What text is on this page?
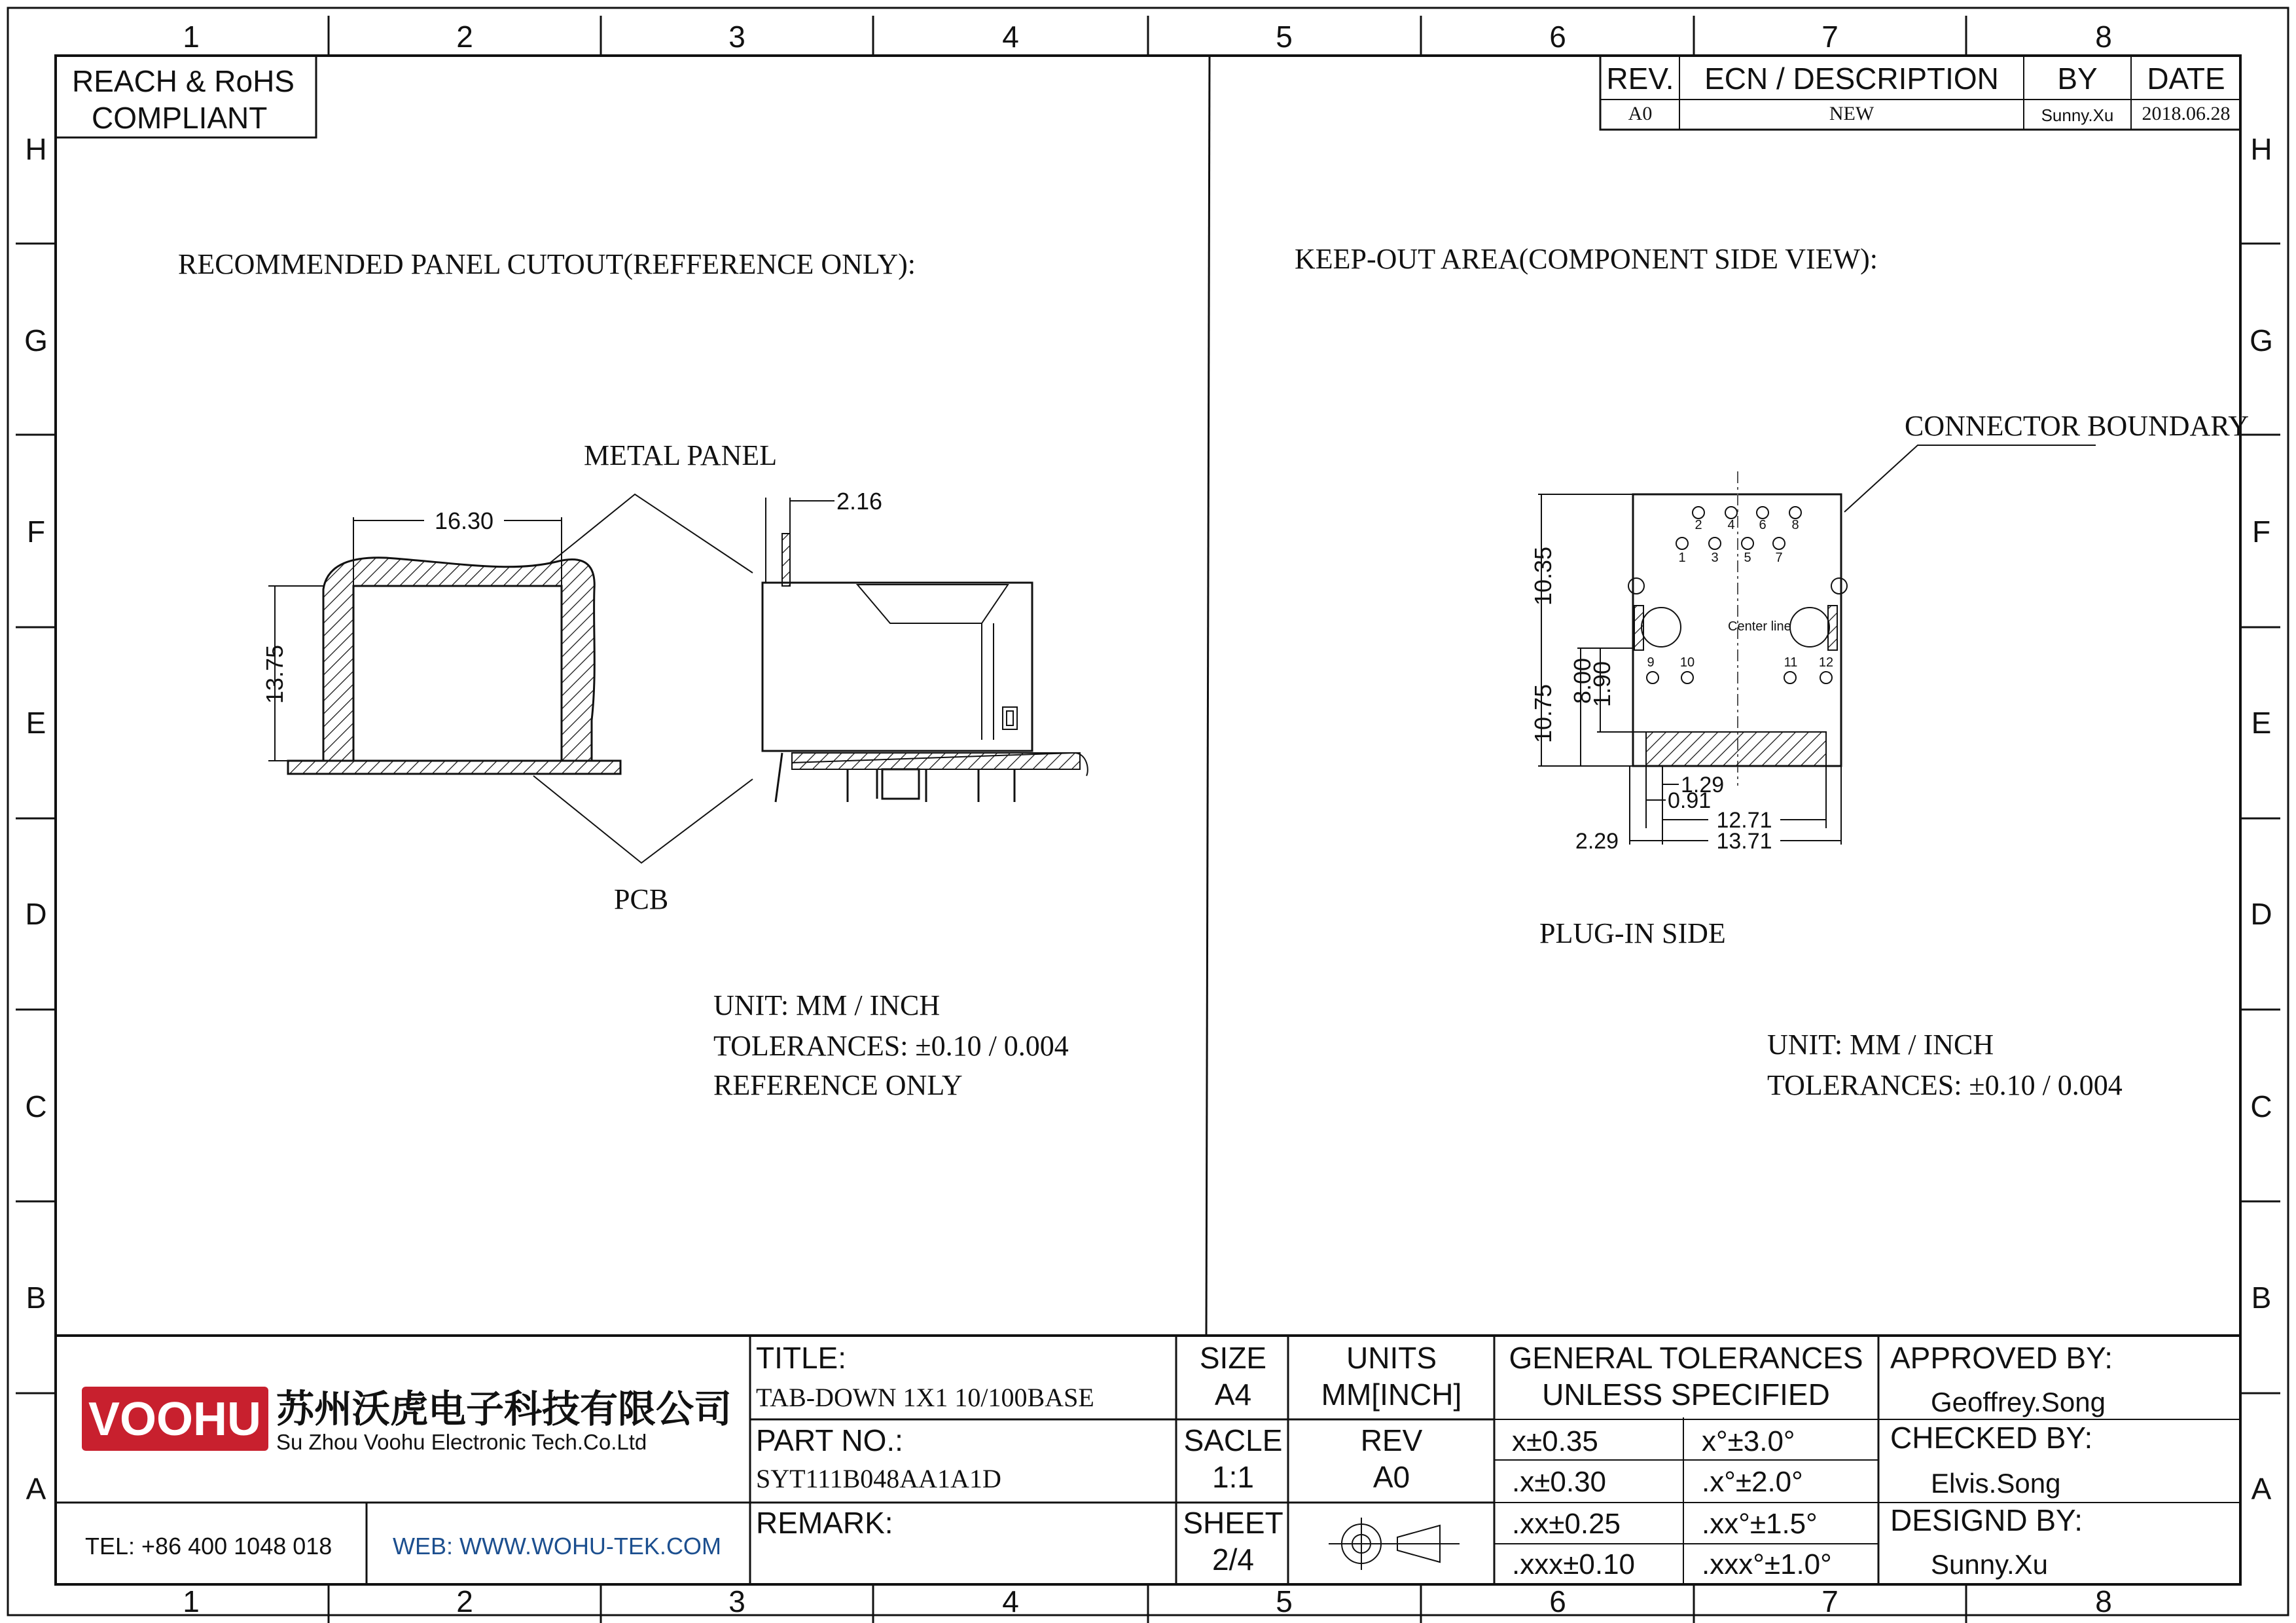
1	2	3	4	5	6	7	8
1	2	3	4	5	6	7	8
H
G
F
E
D
C
B
A
H
G
F
E
D
C
B
A
REACH & RoHS
COMPLIANT
REV. ECN / DESCRIPTION BY DATE
A0	NEW	Sunny.Xu 2018.06.28
RECOMMENDED PANEL CUTOUT(REFFERENCE ONLY):
METAL PANEL
PCB
16.30
13.75
2.16
UNIT: MM / INCH
TOLERANCES: ±0.10 / 0.004
REFERENCE ONLY
KEEP-OUT AREA(COMPONENT SIDE VIEW):
CONNECTOR BOUNDARY
Center line
2 4 6 8
1 3 5 7
9 10	11 12
10.35
10.75
8.00
1.90
1.29
0.91
12.71
13.71
2.29
PLUG-IN SIDE
UNIT: MM / INCH
TOLERANCES: ±0.10 / 0.004
VOOHU 苏州沃虎电子科技有限公司
Su Zhou Voohu Electronic Tech.Co.Ltd
TEL: +86 400 1048 018	WEB: WWW.WOHU-TEK.COM
TITLE:
TAB-DOWN 1X1 10/100BASE
PART NO.:
SYT111B048AA1A1D
REMARK:
SIZE
A4
UNITS
MM[INCH]
SACLE
1:1
REV
A0
SHEET
2/4
GENERAL TOLERANCES
UNLESS SPECIFIED
x±0.35	x°±3.0°
.x±0.30	.x°±2.0°
.xx±0.25	.xx°±1.5°
.xxx±0.10 .xxx°±1.0°
APPROVED BY:
Geoffrey.Song
CHECKED BY:
Elvis.Song
DESIGND BY:
Sunny.Xu
